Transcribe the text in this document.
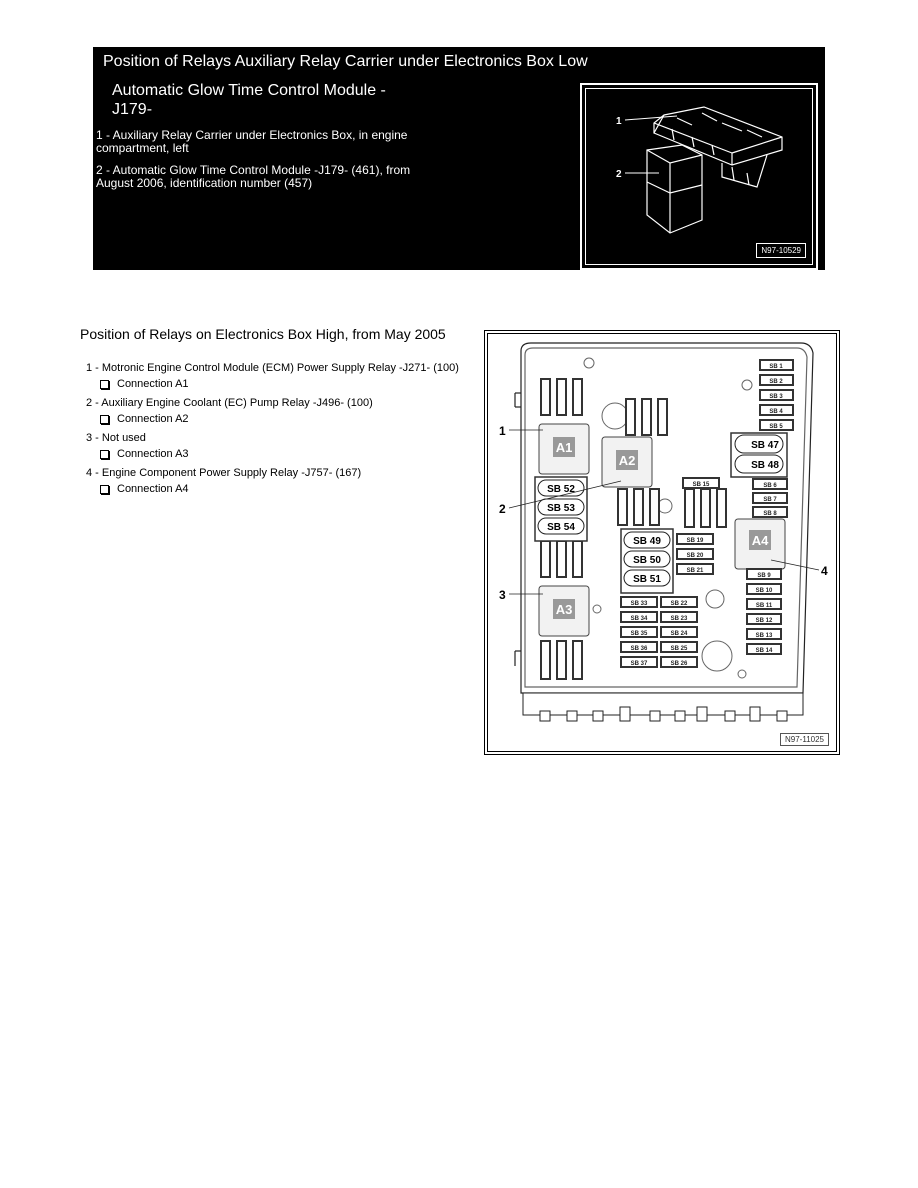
Position of Relays Auxiliary Relay Carrier under Electronics Box Low
Automatic Glow Time Control Module -
J179-
1 - Auxiliary Relay Carrier under Electronics Box, in engine
compartment, left
2 - Automatic Glow Time Control Module -J179- (461), from
August 2006, identification number (457)
1
2
N97-10529
Position of Relays on Electronics Box High, from May 2005
1 - Motronic Engine Control Module (ECM) Power Supply Relay -J271- (100)
Connection A1
2 - Auxiliary Engine Coolant (EC) Pump Relay -J496- (100)
Connection A2
3 - Not used
Connection A3
4 - Engine Component Power Supply Relay -J757- (167)
Connection A4
A1
A2
A3
A4
SB 47
SB 48
SB 52
SB 53
SB 54
SB 49
SB 50
SB 51
SB 1
SB 2
SB 3
SB 4
SB 5
SB 6
SB 7
SB 8
SB 9
SB 10
SB 11
SB 12
SB 13
SB 14
SB 15
SB 19
SB 20
SB 21
SB 33
SB 34
SB 35
SB 36
SB 37
SB 22
SB 23
SB 24
SB 25
SB 26
1
2
3
4
N97-11025
